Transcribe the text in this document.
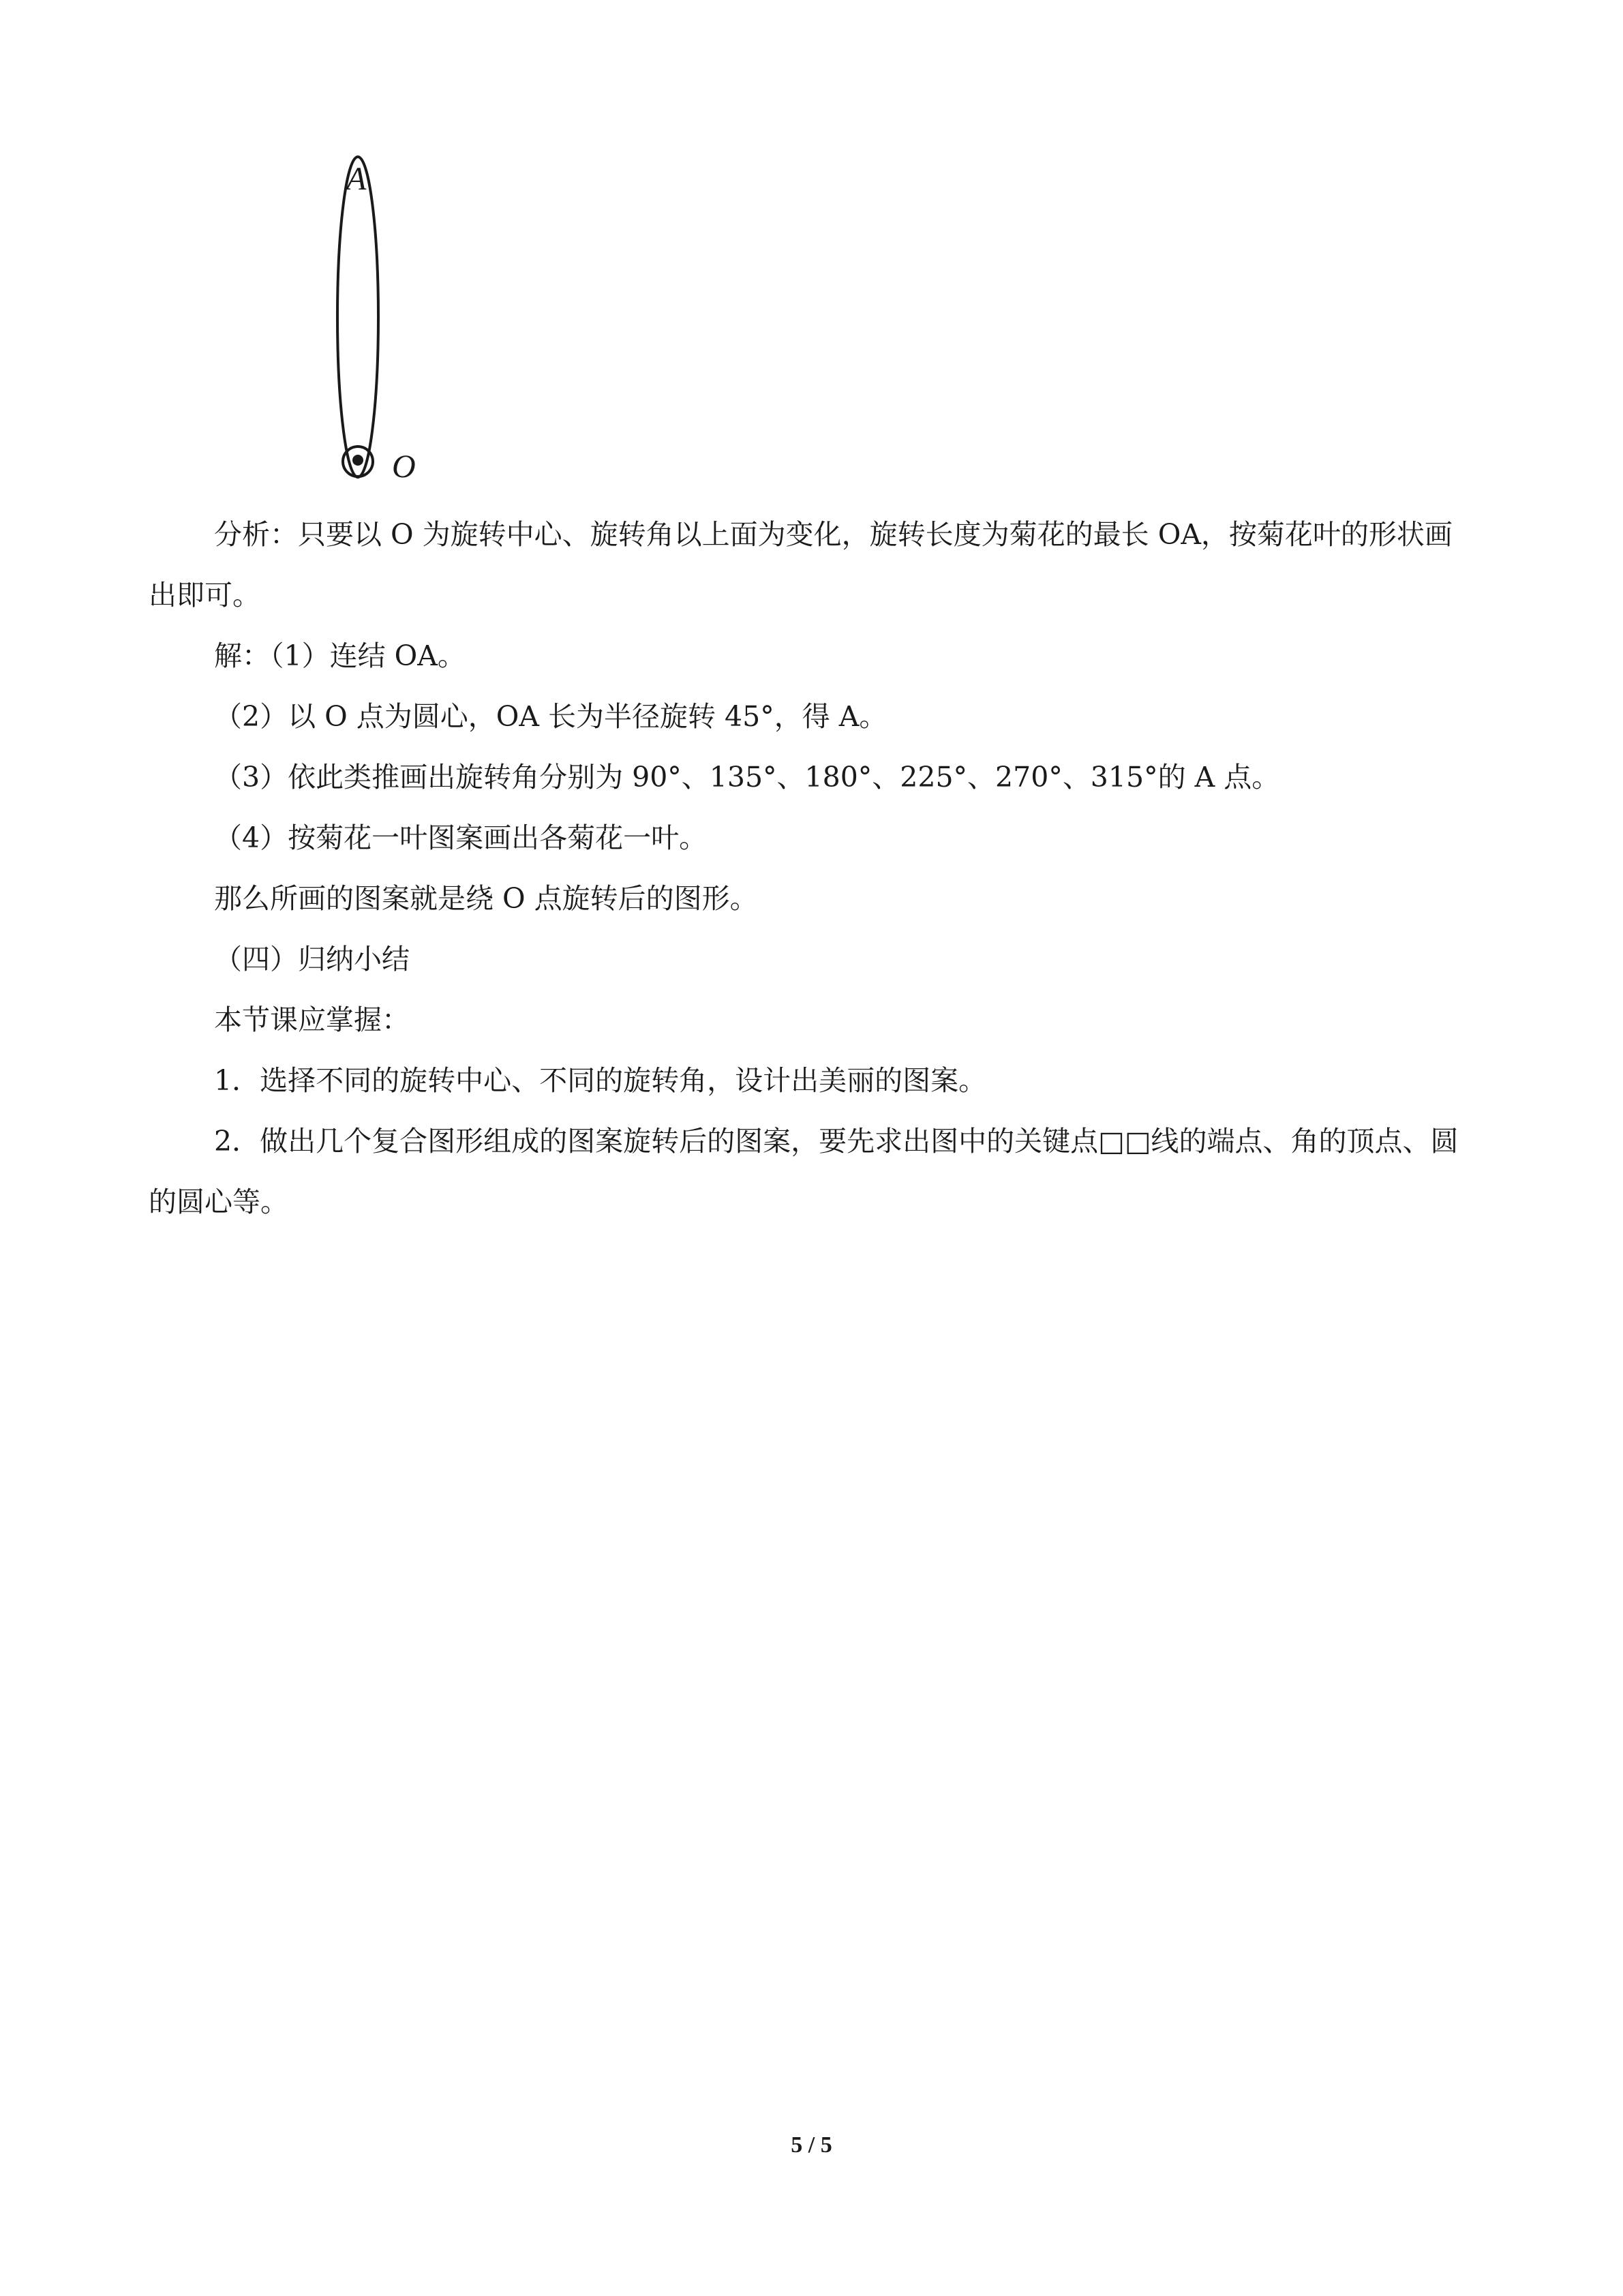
A
O

分析：只要以 O 为旋转中心、旋转角以上面为变化，旋转长度为菊花的最长 OA，按菊花叶的形状画出即可。

解：（1）连结 OA。

（2）以 O 点为圆心，OA 长为半径旋转 45°，得 A。

（3）依此类推画出旋转角分别为 90°、135°、180°、225°、270°、315°的 A 点。

（4）按菊花一叶图案画出各菊花一叶。

那么所画的图案就是绕 O 点旋转后的图形。

（四）归纳小结

本节课应掌握：

1．选择不同的旋转中心、不同的旋转角，设计出美丽的图案。

2．做出几个复合图形组成的图案旋转后的图案，要先求出图中的关键点□□线的端点、角的顶点、圆的圆心等。

5 / 5
